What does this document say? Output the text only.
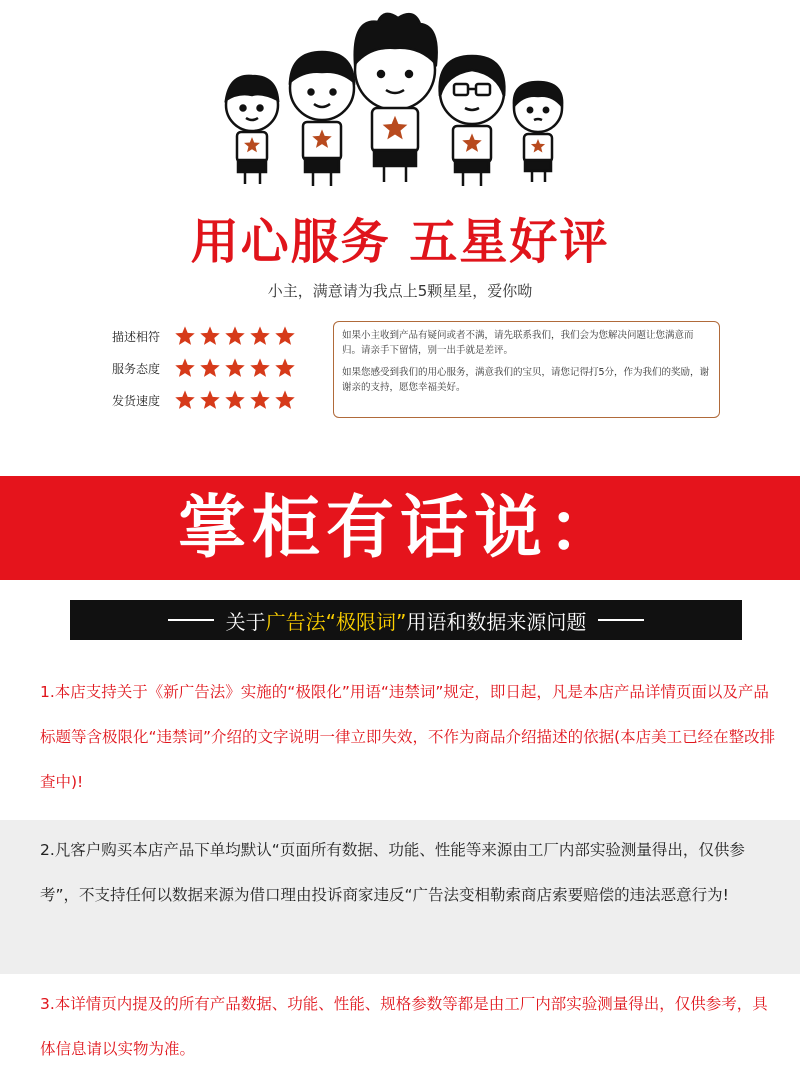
用心服务 五星好评
小主，满意请为我点上5颗星星，爱你呦
描述相符
服务态度
发货速度

如果小主收到产品有疑问或者不满，请先联系我们，我们会为您解决问题让您满意而归。请亲手下留情，别一出手就是差评。

如果您感受到我们的用心服务，满意我们的宝贝，请您记得打5分，作为我们的奖励，谢谢亲的支持，愿您幸福美好。

掌柜有话说：
关于 广告法“极限词” 用语和数据来源问题
1.本店支持关于《新广告法》实施的“极限化”用语“违禁词”规定，即日起，凡是本店产品详情页面以及产品标题等含极限化“违禁词”介绍的文字说明一律立即失效，不作为商品介绍描述的依据(本店美工已经在整改排查中)!
2.凡客户购买本店产品下单均默认“页面所有数据、功能、性能等来源由工厂内部实验测量得出，仅供参考”，不支持任何以数据来源为借口理由投诉商家违反“广告法变相勒索商店索要赔偿的违法恶意行为!
3.本详情页内提及的所有产品数据、功能、性能、规格参数等都是由工厂内部实验测量得出，仅供参考，具体信息请以实物为准。
